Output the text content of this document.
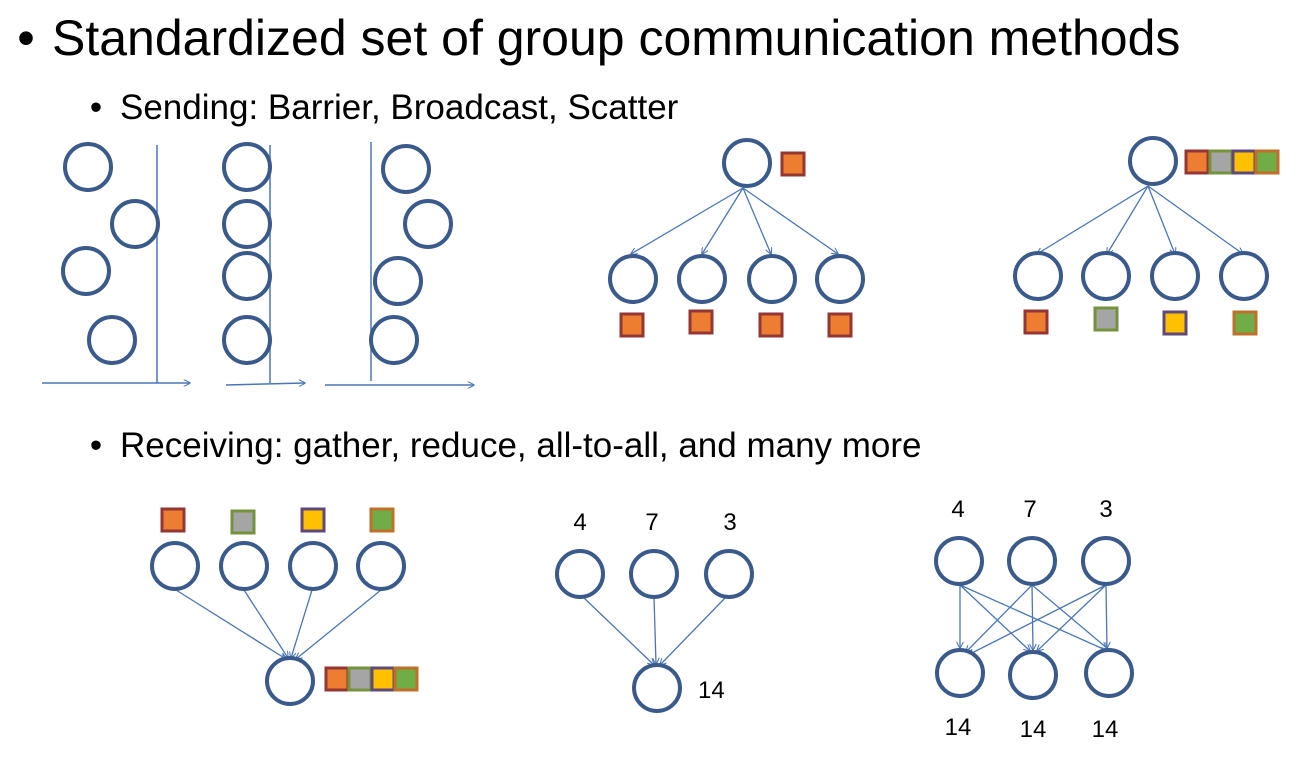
• Standardized set of group communication methods
• Sending: Barrier, Broadcast, Scatter
• Receiving: gather, reduce, all-to-all, and many more
4 7	3
14
4 7	3
14 14 14
